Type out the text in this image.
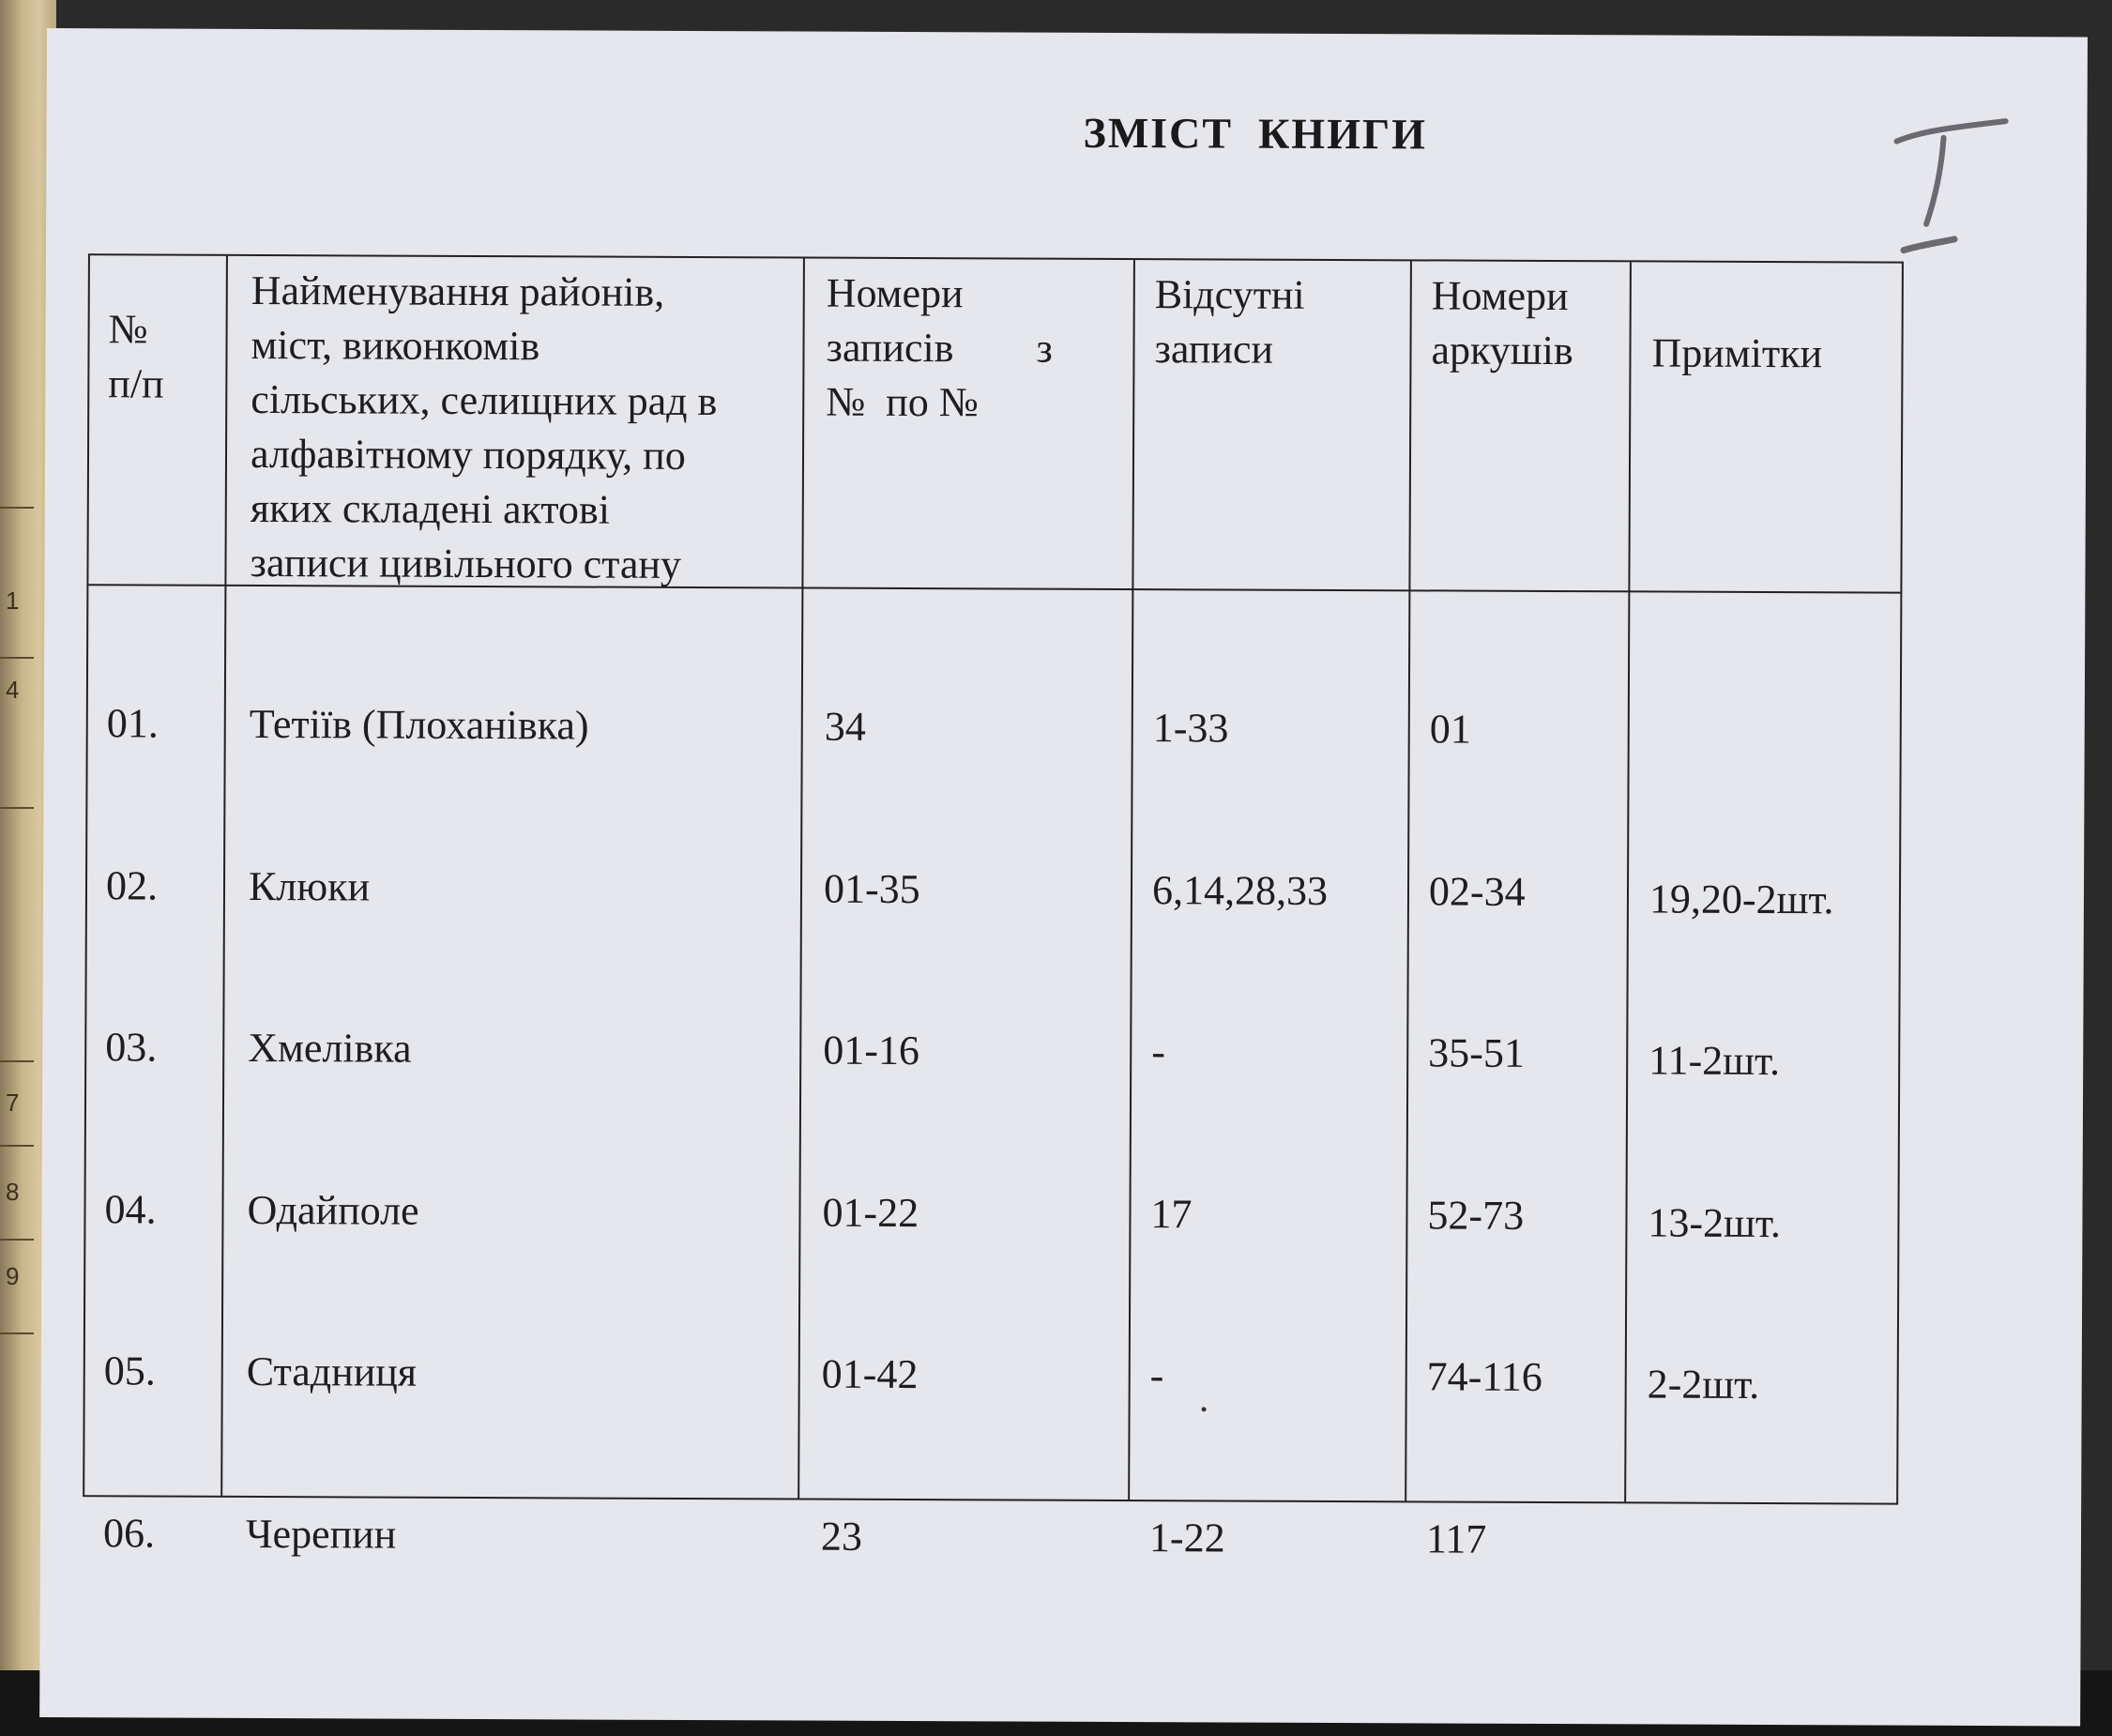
1
4
7
8
9
ЗМІСТ  КНИГИ
№
п/п
Найменування районів,
міст, виконкомів
сільських, селищних рад в
алфавітному порядку, по
яких складені актові
записи цивільного стану
Номери
записів        з
№  по №
Відсутні
записи
Номери
аркушів Примітки

01.

02.

03.

04.

05.

06.

Тетіїв (Плоханівка)

Клюки

Хмелівка

Одайполе

Стадниця

Черепин

34

01-35

01-16

01-22

01-42

23

1-33

6,14,28,33

-

17

-

1-22

01

02-34

35-51

52-73

74-116

117

19,20-2шт.

11-2шт.

13-2шт.

2-2шт.
